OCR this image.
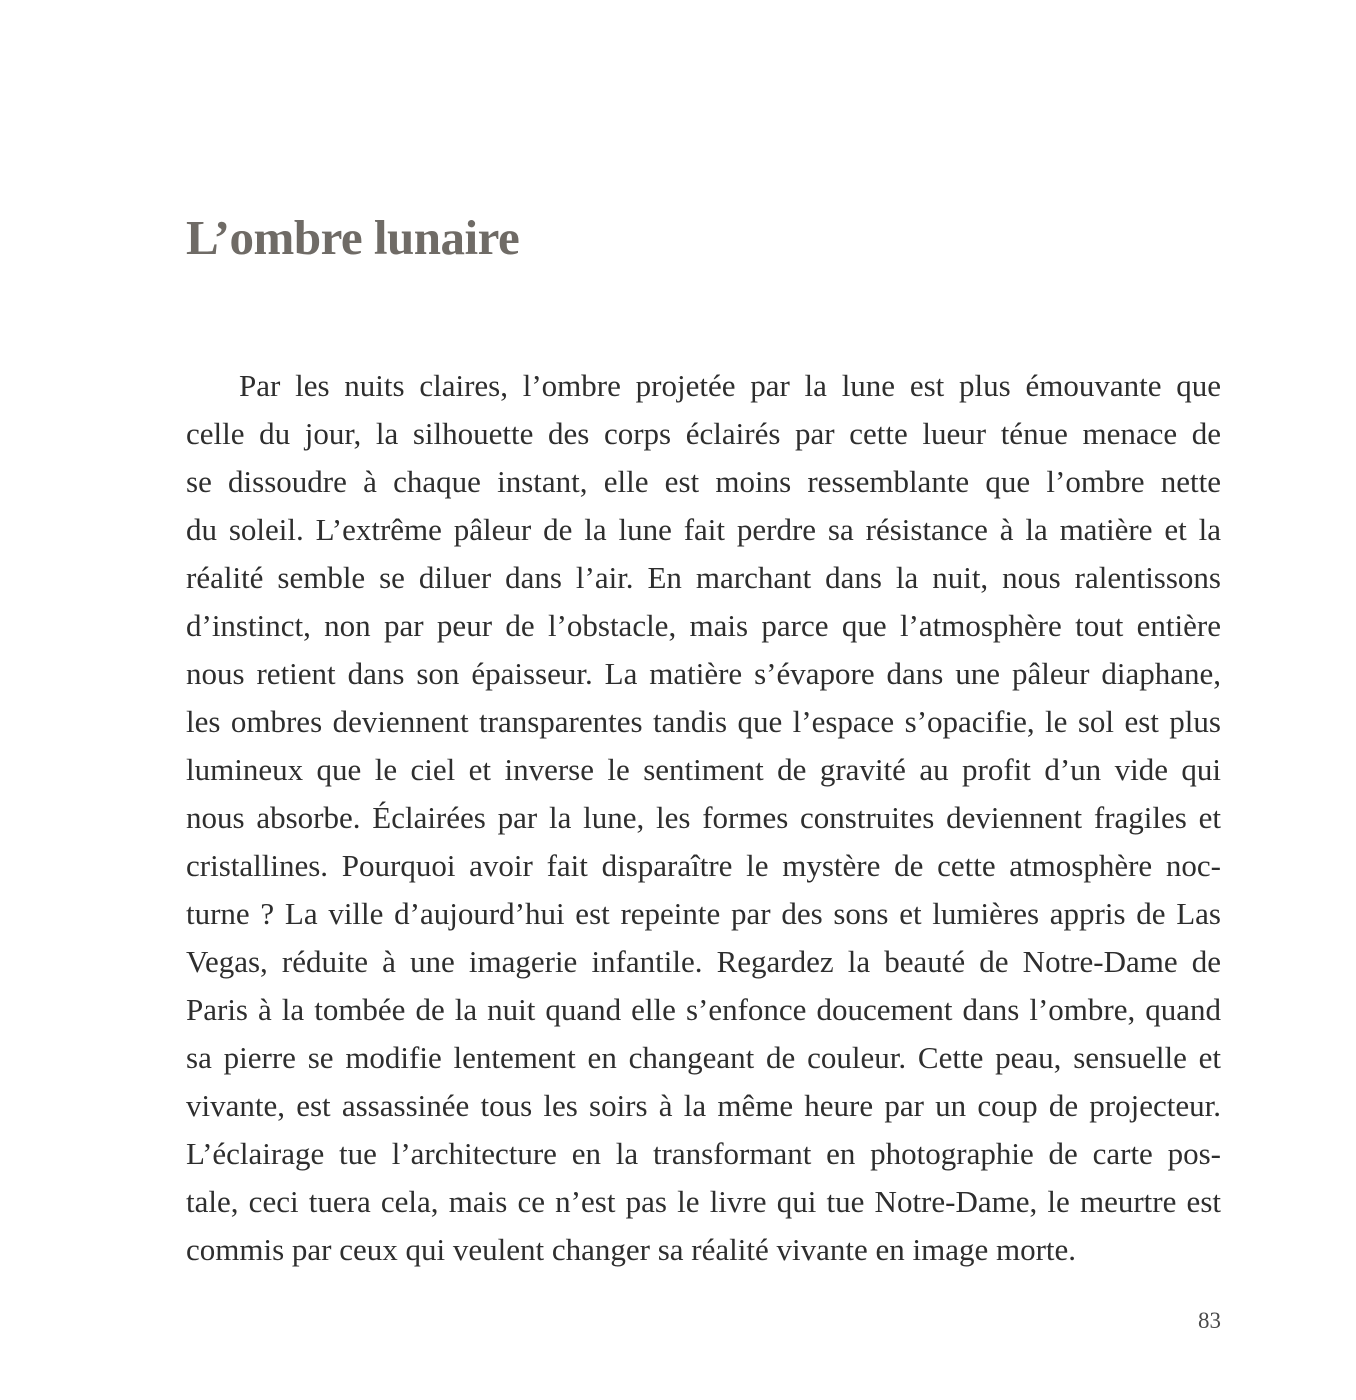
L’ombre lunaire
Par les nuits claires, l’ombre projetée par la lune est plus émouvante que
celle du jour, la silhouette des corps éclairés par cette lueur ténue menace de
se dissoudre à chaque instant, elle est moins ressemblante que l’ombre nette
du soleil. L’extrême pâleur de la lune fait perdre sa résistance à la matière et la
réalité semble se diluer dans l’air. En marchant dans la nuit, nous ralentissons
d’instinct, non par peur de l’obstacle, mais parce que l’atmosphère tout entière
nous retient dans son épaisseur. La matière s’évapore dans une pâleur diaphane,
les ombres deviennent transparentes tandis que l’espace s’opacifie, le sol est plus
lumineux que le ciel et inverse le sentiment de gravité au profit d’un vide qui
nous absorbe. Éclairées par la lune, les formes construites deviennent fragiles et
cristallines. Pourquoi avoir fait disparaître le mystère de cette atmosphère noc-
turne ? La ville d’aujourd’hui est repeinte par des sons et lumières appris de Las
Vegas, réduite à une imagerie infantile. Regardez la beauté de Notre-Dame de
Paris à la tombée de la nuit quand elle s’enfonce doucement dans l’ombre, quand
sa pierre se modifie lentement en changeant de couleur. Cette peau, sensuelle et
vivante, est assassinée tous les soirs à la même heure par un coup de projecteur.
L’éclairage tue l’architecture en la transformant en photographie de carte pos-
tale, ceci tuera cela, mais ce n’est pas le livre qui tue Notre-Dame, le meurtre est
commis par ceux qui veulent changer sa réalité vivante en image morte.
83
